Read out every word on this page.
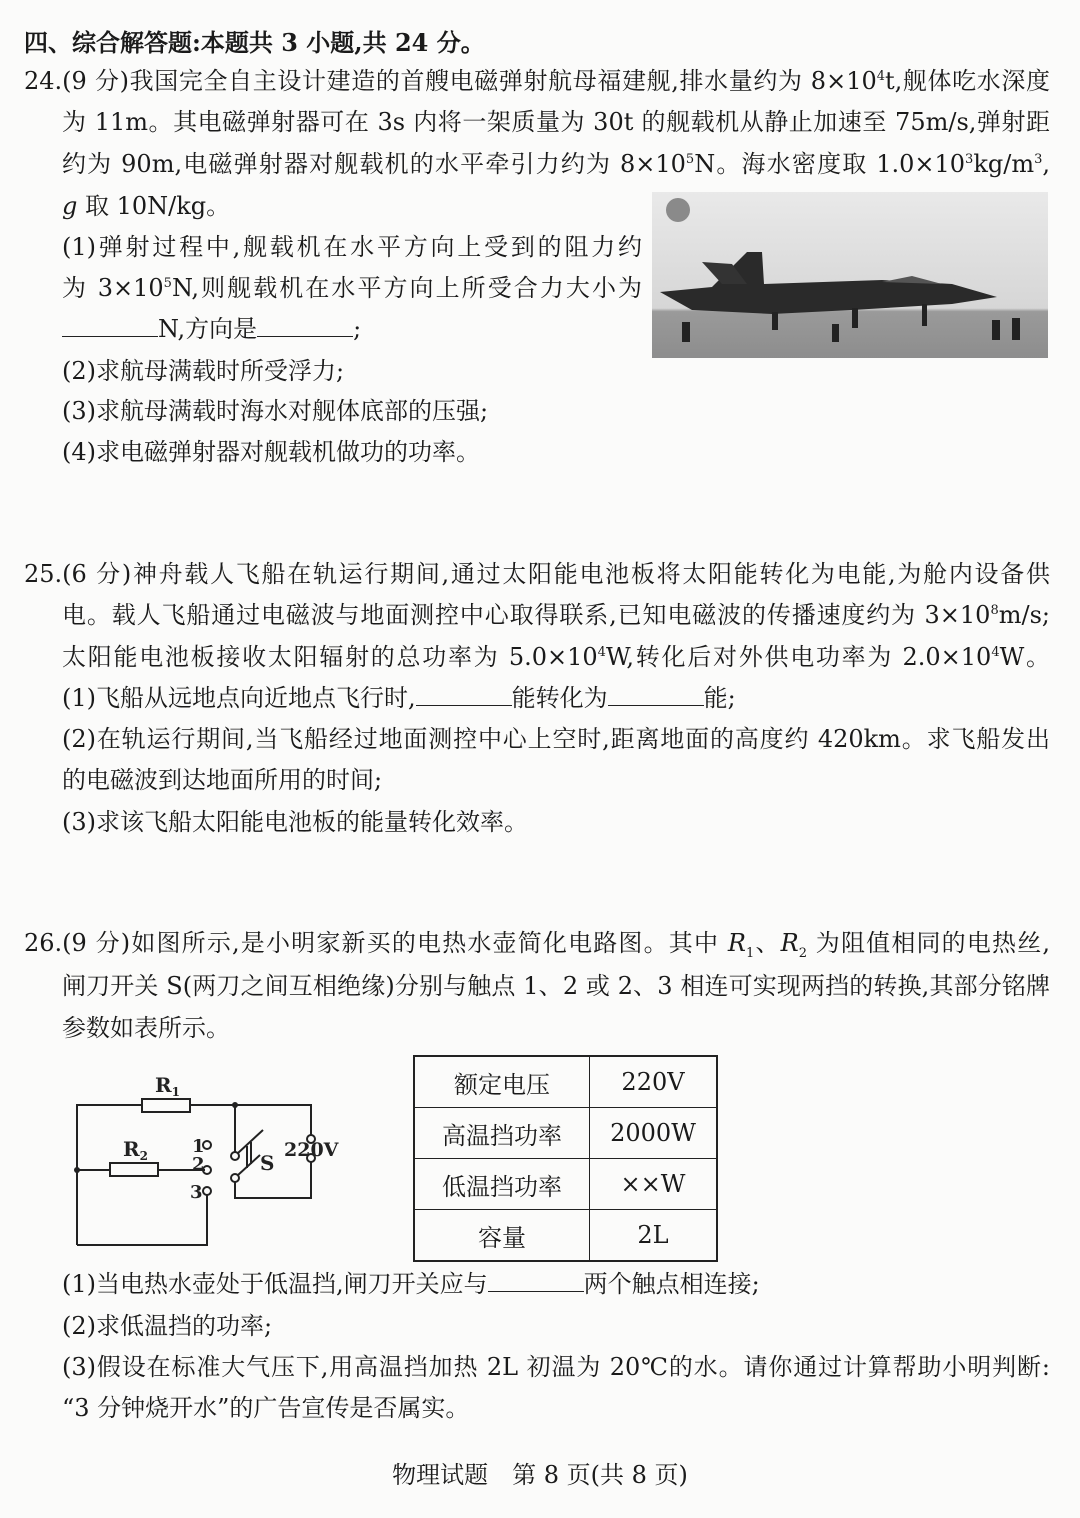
四、综合解答题:本题共 3 小题,共 24 分。
24.(9 分)我国完全自主设计建造的首艘电磁弹射航母福建舰,排水量约为 $8\times 10^4t$,舰体吃水深度
为 11m。其电磁弹射器可在 3s 内将一架质量为 30t 的舰载机从静止加速至 75m/s,弹射距
约为 90m,电磁弹射器对舰载机的水平牵引力约为 $8\times 10^5N$。海水密度取 $1.0\times 10^3kg/m^3$,
g 取 10N/kg。
(1)弹射过程中,舰载机在水平方向上受到的阻力约
为 $3\times 10^5N$,则舰载机在水平方向上所受合力大小为
N,方向是	;
(2)求航母满载时所受浮力;
(3)求航母满载时海水对舰体底部的压强;
(4)求电磁弹射器对舰载机做功的功率。
25.(6 分)神舟载人飞船在轨运行期间,通过太阳能电池板将太阳能转化为电能,为舱内设备供
电。载人飞船通过电磁波与地面测控中心取得联系,已知电磁波的传播速度约为 $3\times 10^8m/s$;
太阳能电池板接收太阳辐射的总功率为 $5.0\times 10^4W$,转化后对外供电功率为 $2.0\times 10^4W$。
(1)飞船从远地点向近地点飞行时,	能转化为	能;
(2)在轨运行期间,当飞船经过地面测控中心上空时,距离地面的高度约 420km。求飞船发出
的电磁波到达地面所用的时间;
(3)求该飞船太阳能电池板的能量转化效率。
26.(9 分)如图所示,是小明家新买的电热水壶简化电路图。其中 $R_1$、$R_2$ 为阻值相同的电热丝,
闸刀开关 S(两刀之间互相绝缘)分别与触点 1、2 或 2、3 相连可实现两挡的转换,其部分铭牌
参数如表所示。
$R_1$
$R_2$ 1
2
3
S
220V
额定电压	220V
高温挡功率	2000W
低温挡功率	××W
容量	2L
(1)当电热水壶处于低温挡,闸刀开关应与	两个触点相连接;
(2)求低温挡的功率;
(3)假设在标准大气压下,用高温挡加热 2L 初温为 20℃的水。请你通过计算帮助小明判断:
“3 分钟烧开水”的广告宣传是否属实。
物理试题　第 8 页(共 8 页)
